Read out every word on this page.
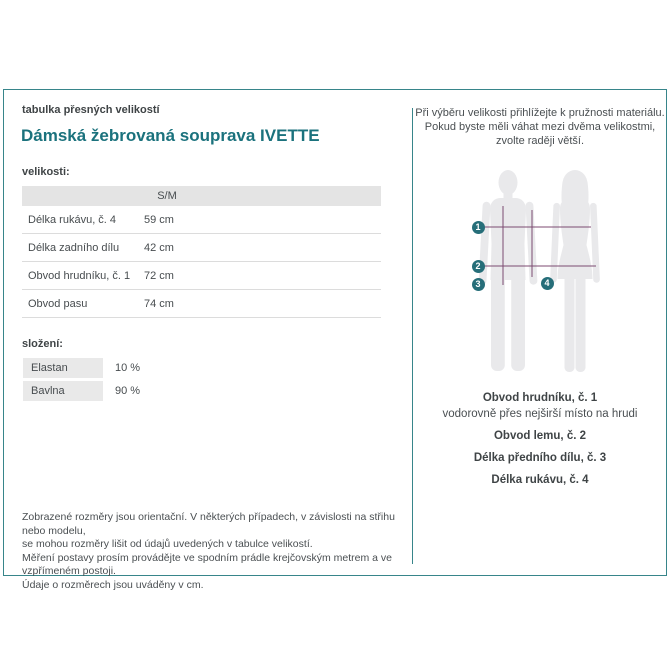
tabulka přesných velikostí
Dámská žebrovaná souprava IVETTE
velikosti:
S/M
Délka rukávu, č. 4	59 cm
Délka zadního dílu 42 cm
Obvod hrudníku, č. 1 72 cm
Obvod pasu	74 cm
složení:
Elastan	10 %
Bavlna	90 %
Zobrazené rozměry jsou orientační. V některých případech, v závislosti na střihu nebo modelu,
se mohou rozměry lišit od údajů uvedených v tabulce velikostí.
Měření postavy prosím provádějte ve spodním prádle krejčovským metrem a ve vzpřímeném postoji.
Údaje o rozměrech jsou uváděny v cm.
Při výběru velikosti přihlížejte k pružnosti materiálu.
Pokud byste měli váhat mezi dvěma velikostmi,
zvolte raději větší.
1
2
3	4
Obvod hrudníku, č. 1
vodorovně přes nejširší místo na hrudi
Obvod lemu, č. 2
Délka předního dílu, č. 3
Délka rukávu, č. 4
